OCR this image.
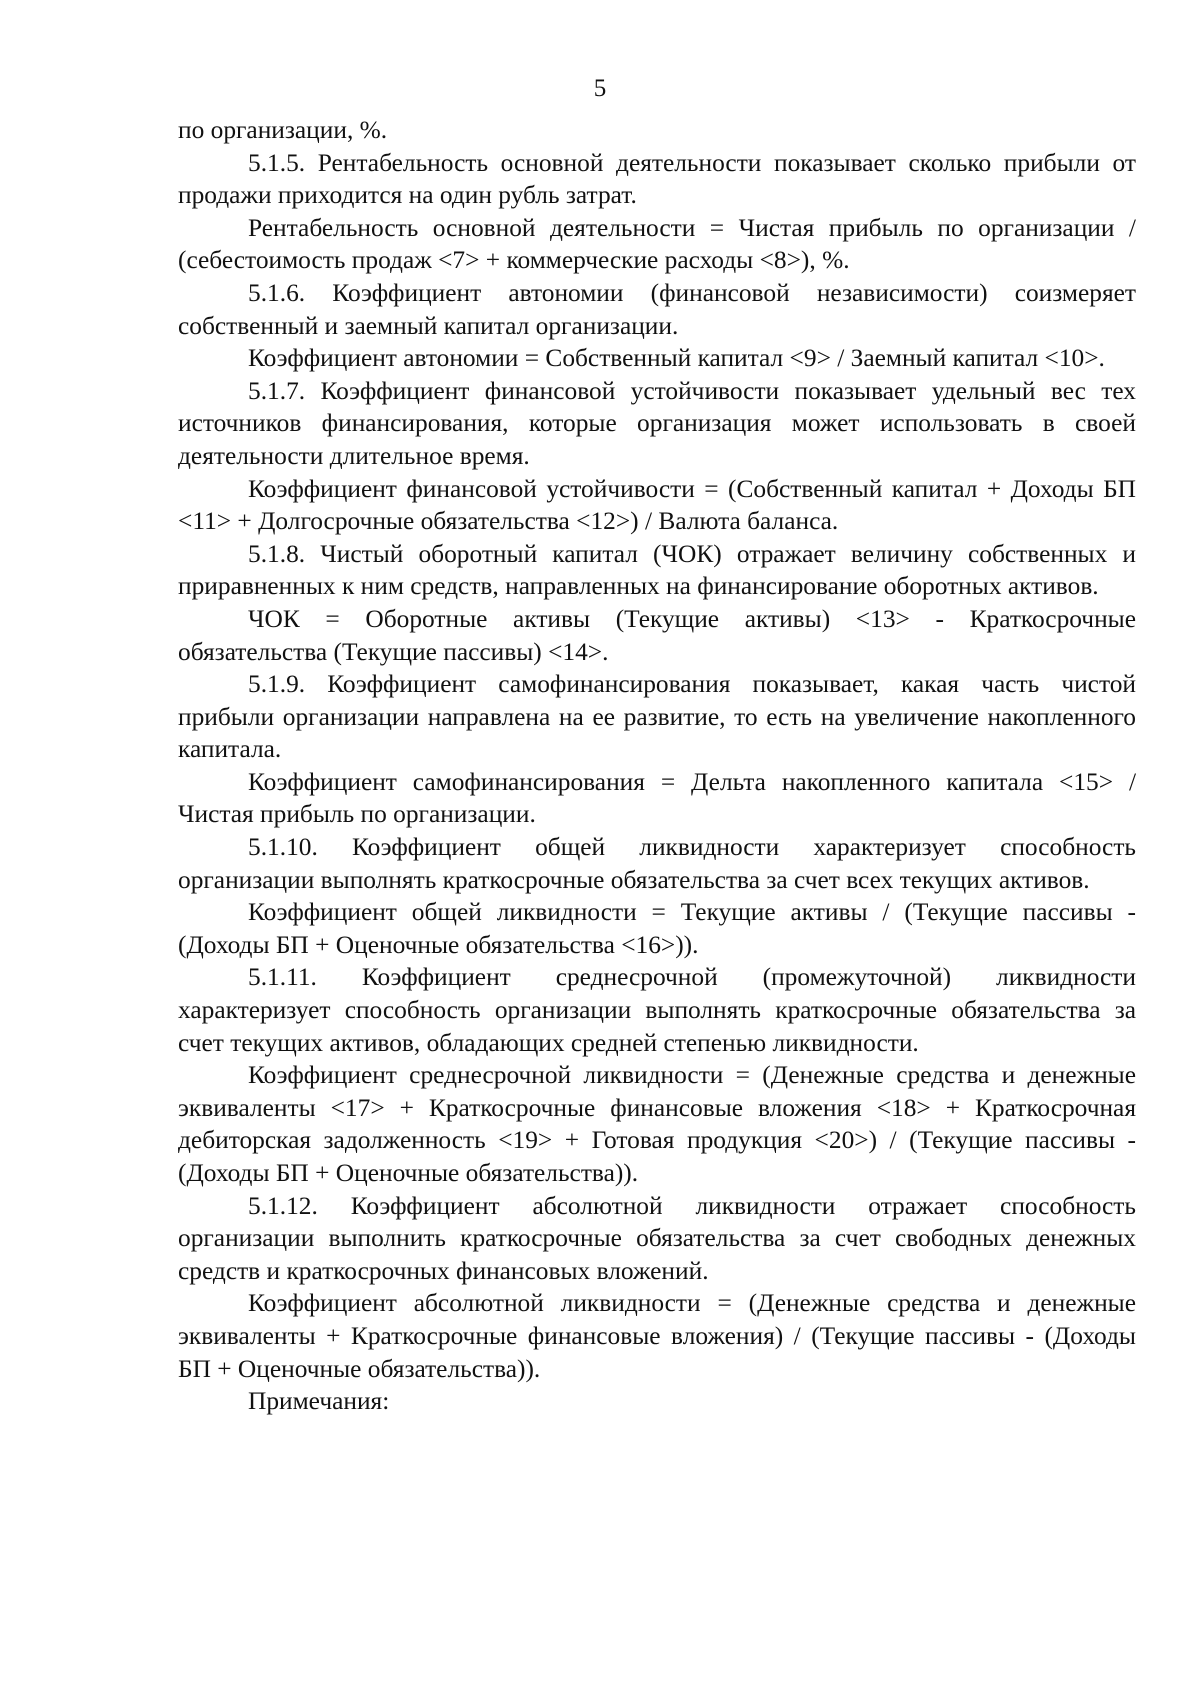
5

по организации, %.

5.1.5. Рентабельность основной деятельности показывает сколько прибыли от продажи приходится на один рубль затрат.

Рентабельность основной деятельности = Чистая прибыль по организации / (себестоимость продаж <7> + коммерческие расходы <8>), %.

5.1.6. Коэффициент автономии (финансовой независимости) соизмеряет собственный и заемный капитал организации.

Коэффициент автономии = Собственный капитал <9> / Заемный капитал <10>.

5.1.7. Коэффициент финансовой устойчивости показывает удельный вес тех источников финансирования, которые организация может использовать в своей деятельности длительное время.

Коэффициент финансовой устойчивости = (Собственный капитал + Доходы БП <11> + Долгосрочные обязательства <12>) / Валюта баланса.

5.1.8. Чистый оборотный капитал (ЧОК) отражает величину собственных и приравненных к ним средств, направленных на финансирование оборотных активов.

ЧОК = Оборотные активы (Текущие активы) <13> - Краткосрочные обязательства (Текущие пассивы) <14>.

5.1.9. Коэффициент самофинансирования показывает, какая часть чистой прибыли организации направлена на ее развитие, то есть на увеличение накопленного капитала.

Коэффициент самофинансирования = Дельта накопленного капитала <15> / Чистая прибыль по организации.

5.1.10. Коэффициент общей ликвидности характеризует способность организации выполнять краткосрочные обязательства за счет всех текущих активов.

Коэффициент общей ликвидности = Текущие активы / (Текущие пассивы - (Доходы БП + Оценочные обязательства <16>)).

5.1.11. Коэффициент среднесрочной (промежуточной) ликвидности характеризует способность организации выполнять краткосрочные обязательства за счет текущих активов, обладающих средней степенью ликвидности.

Коэффициент среднесрочной ликвидности = (Денежные средства и денежные эквиваленты <17> + Краткосрочные финансовые вложения <18> + Краткосрочная дебиторская задолженность <19> + Готовая продукция <20>) / (Текущие пассивы - (Доходы БП + Оценочные обязательства)).

5.1.12. Коэффициент абсолютной ликвидности отражает способность организации выполнить краткосрочные обязательства за счет свободных денежных средств и краткосрочных финансовых вложений.

Коэффициент абсолютной ликвидности = (Денежные средства и денежные эквиваленты + Краткосрочные финансовые вложения) / (Текущие пассивы - (Доходы БП + Оценочные обязательства)).

Примечания:
